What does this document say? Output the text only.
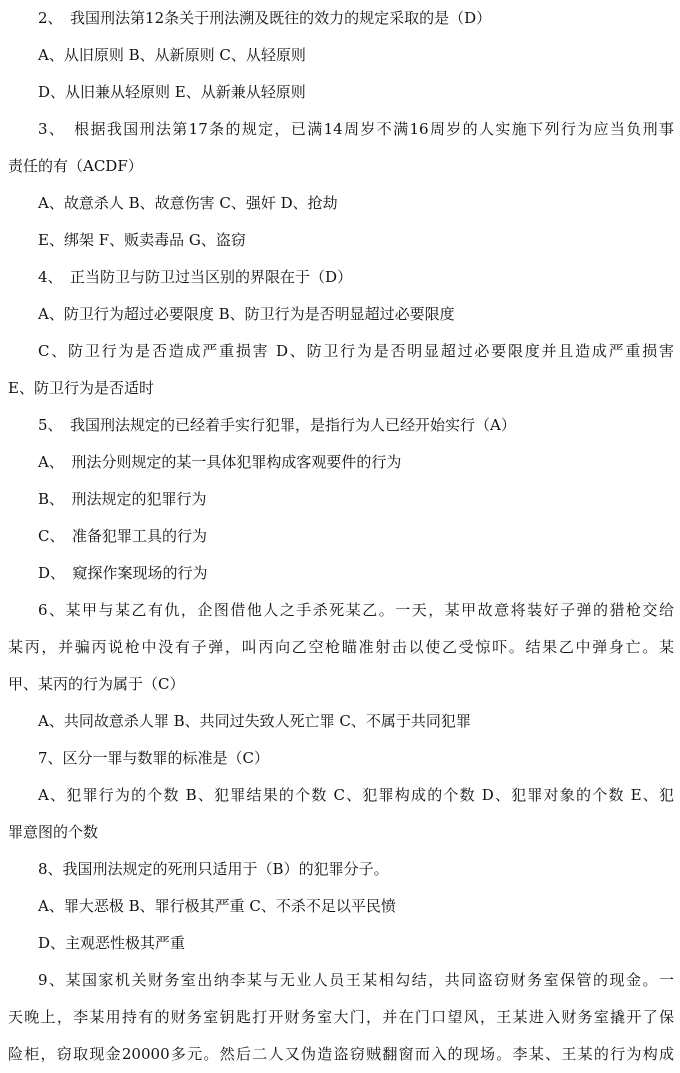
2、　我国刑法第12条关于刑法溯及既往的效力的规定采取的是（D）
A、从旧原则 B、从新原则 C、从轻原则
D、从旧兼从轻原则 E、从新兼从轻原则
3、　根据我国刑法第17条的规定，已满14周岁不满16周岁的人实施下列行为应当负刑事
责任的有（ACDF）
A、故意杀人 B、故意伤害 C、强奸 D、抢劫
E、绑架 F、贩卖毒品 G、盗窃
4、　正当防卫与防卫过当区别的界限在于（D）
A、防卫行为超过必要限度 B、防卫行为是否明显超过必要限度
C、防卫行为是否造成严重损害 D、防卫行为是否明显超过必要限度并且造成严重损害
E、防卫行为是否适时
5、　我国刑法规定的已经着手实行犯罪，是指行为人已经开始实行（A）
A、　刑法分则规定的某一具体犯罪构成客观要件的行为
B、　刑法规定的犯罪行为
C、　准备犯罪工具的行为
D、　窥探作案现场的行为
6、某甲与某乙有仇，企图借他人之手杀死某乙。一天，某甲故意将装好子弹的猎枪交给
某丙，并骗丙说枪中没有子弹，叫丙向乙空枪瞄准射击以使乙受惊吓。结果乙中弹身亡。某
甲、某丙的行为属于（C）
A、共同故意杀人罪 B、共同过失致人死亡罪 C、不属于共同犯罪
7、区分一罪与数罪的标准是（C）
A、犯罪行为的个数 B、犯罪结果的个数 C、犯罪构成的个数 D、犯罪对象的个数 E、犯
罪意图的个数
8、我国刑法规定的死刑只适用于（B）的犯罪分子。
A、罪大恶极 B、罪行极其严重 C、不杀不足以平民愤
D、主观恶性极其严重
9、某国家机关财务室出纳李某与无业人员王某相勾结，共同盗窃财务室保管的现金。一
天晚上，李某用持有的财务室钥匙打开财务室大门，并在门口望风，王某进入财务室撬开了保
险柜，窃取现金20000多元。然后二人又伪造盗窃贼翻窗而入的现场。李某、王某的行为构成
